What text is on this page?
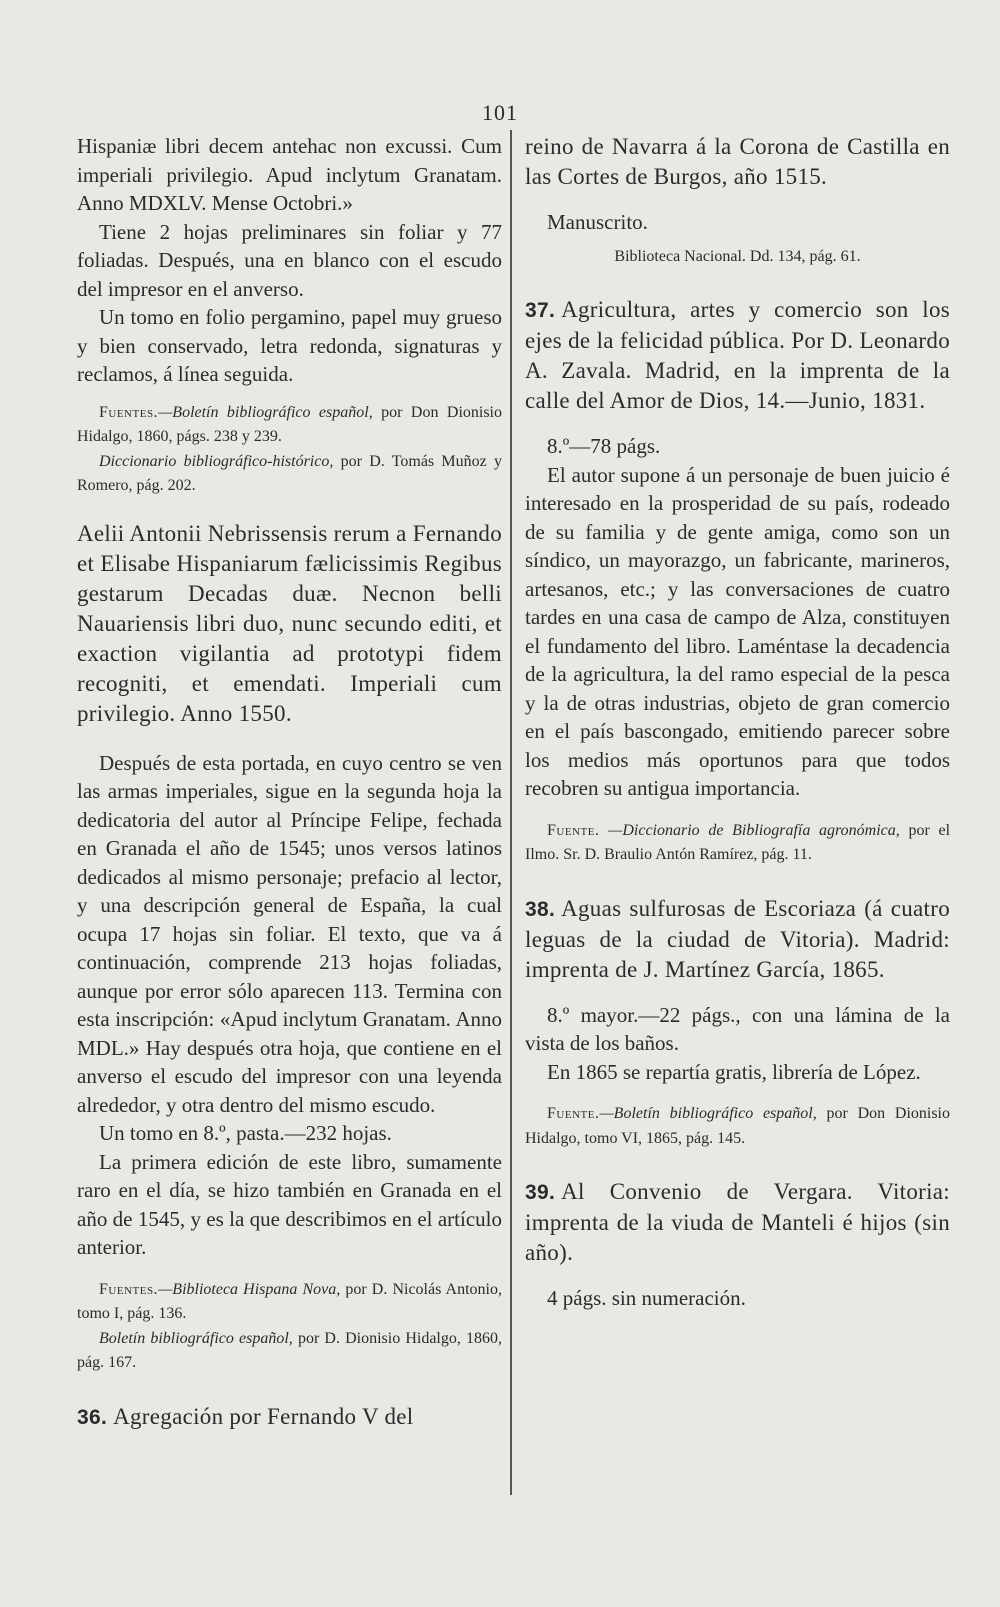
101

Hispaniæ libri decem antehac non excussi. Cum imperiali privilegio. Apud inclytum Granatam. Anno MDXLV. Mense Octobri.»

Tiene 2 hojas preliminares sin foliar y 77 foliadas. Después, una en blanco con el escudo del impresor en el anverso.

Un tomo en folio pergamino, papel muy grueso y bien conservado, letra redonda, signaturas y reclamos, á línea seguida.

Fuentes.—Boletín bibliográfico español, por Don Dionisio Hidalgo, 1860, págs. 238 y 239.

Diccionario bibliográfico-histórico, por D. Tomás Muñoz y Romero, pág. 202.

Aelii Antonii Nebrissensis rerum a Fernando et Elisabe Hispaniarum fælicissimis Regibus gestarum Decadas duæ. Necnon belli Nauariensis libri duo, nunc secundo editi, et exaction vigilantia ad prototypi fidem recogniti, et emendati. Imperiali cum privilegio. Anno 1550.

Después de esta portada, en cuyo centro se ven las armas imperiales, sigue en la segunda hoja la dedicatoria del autor al Príncipe Felipe, fechada en Granada el año de 1545; unos versos latinos dedicados al mismo personaje; prefacio al lector, y una descripción general de España, la cual ocupa 17 hojas sin foliar. El texto, que va á continuación, comprende 213 hojas foliadas, aunque por error sólo aparecen 113. Termina con esta inscripción: «Apud inclytum Granatam. Anno MDL.» Hay después otra hoja, que contiene en el anverso el escudo del impresor con una leyenda alrededor, y otra dentro del mismo escudo.

Un tomo en 8.º, pasta.—232 hojas.

La primera edición de este libro, sumamente raro en el día, se hizo también en Granada en el año de 1545, y es la que describimos en el artículo anterior.

Fuentes.—Biblioteca Hispana Nova, por D. Nicolás Antonio, tomo I, pág. 136.

Boletín bibliográfico español, por D. Dionisio Hidalgo, 1860, pág. 167.

36. Agregación por Fernando V del

reino de Navarra á la Corona de Castilla en las Cortes de Burgos, año 1515.

Manuscrito.

Biblioteca Nacional. Dd. 134, pág. 61.

37. Agricultura, artes y comercio son los ejes de la felicidad pública. Por D. Leonardo A. Zavala. Madrid, en la imprenta de la calle del Amor de Dios, 14.—Junio, 1831.

8.º—78 págs.

El autor supone á un personaje de buen juicio é interesado en la prosperidad de su país, rodeado de su familia y de gente amiga, como son un síndico, un mayorazgo, un fabricante, marineros, artesanos, etc.; y las conversaciones de cuatro tardes en una casa de campo de Alza, constituyen el fundamento del libro. Laméntase la decadencia de la agricultura, la del ramo especial de la pesca y la de otras industrias, objeto de gran comercio en el país bascongado, emitiendo parecer sobre los medios más oportunos para que todos recobren su antigua importancia.

Fuente. —Diccionario de Bibliografía agronómica, por el Ilmo. Sr. D. Braulio Antón Ramírez, pág. 11.

38. Aguas sulfurosas de Escoriaza (á cuatro leguas de la ciudad de Vitoria). Madrid: imprenta de J. Martínez García, 1865.

8.º mayor.—22 págs., con una lámina de la vista de los baños.

En 1865 se repartía gratis, librería de López.

Fuente.—Boletín bibliográfico español, por Don Dionisio Hidalgo, tomo VI, 1865, pág. 145.

39. Al Convenio de Vergara. Vitoria: imprenta de la viuda de Manteli é hijos (sin año).

4 págs. sin numeración.
